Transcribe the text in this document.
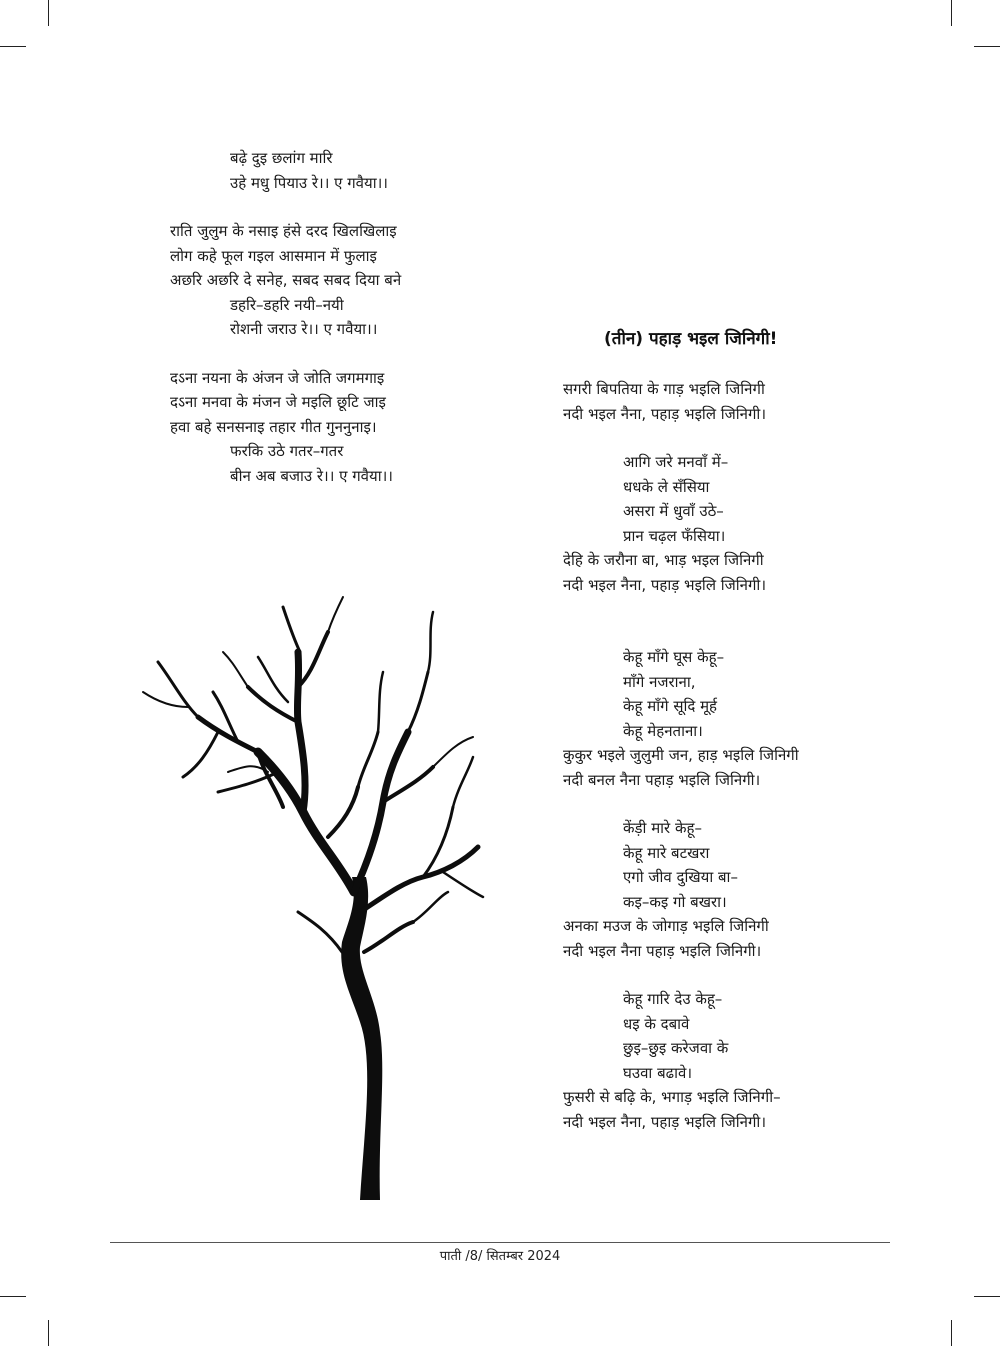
बढ़े दुइ छलांग मारि
उहे मधु पियाउ रे।। ए गवैया।।
राति जुलुम के नसाइ हंसे दरद खिलखिलाइ
लोग कहे फूल गइल आसमान में फुलाइ
अछरि अछरि दे सनेह, सबद सबद दिया बने
डहरि–डहरि नयी–नयी
रोशनी जराउ रे।। ए गवैया।।
दऽना नयना के अंजन जे जोति जगमगाइ
दऽना मनवा के मंजन जे मइलि छूटि जाइ
हवा बहे सनसनाइ तहार गीत गुननुनाइ।
फरकि उठे गतर–गतर
बीन अब बजाउ रे।। ए गवैया।।
(तीन) पहाड़ भइल जिनिगी!
सगरी बिपतिया के गाड़ भइलि जिनिगी
नदी भइल नैना, पहाड़ भइलि जिनिगी।
आगि जरे मनवाँ में–
धधके ले सँसिया
असरा में धुवाँ उठे–
प्रान चढ़ल फँसिया।
देहि के जरौना बा, भाड़ भइल जिनिगी
नदी भइल नैना, पहाड़ भइलि जिनिगी।
केहू माँगे घूस केहू–
माँगे नजराना,
केहू माँगे सूदि मूर्ह
केहू मेहनताना।
कुकुर भइले जुलुमी जन, हाड़ भइलि जिनिगी
नदी बनल नैना पहाड़ भइलि जिनिगी।
केंड़ी मारे केहू–
केहू मारे बटखरा
एगो जीव दुखिया बा–
कइ–कइ गो बखरा।
अनका मउज के जोगाड़ भइलि जिनिगी
नदी भइल नैना पहाड़ भइलि जिनिगी।
केहू गारि देउ केहू–
धइ के दबावे
छुइ–छुइ करेजवा के
घउवा बढावे।
फुसरी से बढ़ि के, भगाड़ भइलि जिनिगी–
नदी भइल नैना, पहाड़ भइलि जिनिगी।
पाती /8/ सितम्बर 2024
